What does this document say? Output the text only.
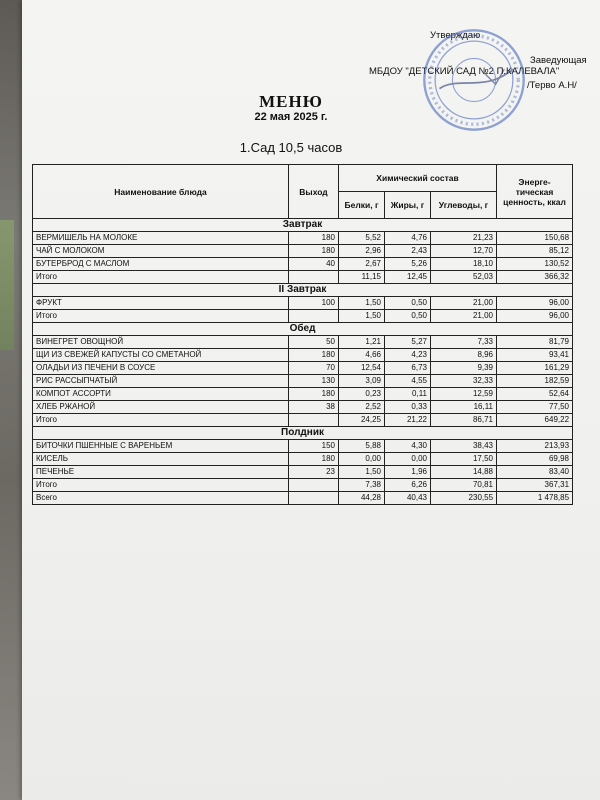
Утверждаю
Заведующая
МБДОУ "ДЕТСКИЙ САД №2 П.КАЛЕВАЛА"
/Терво А.Н/
МЕНЮ
22 мая 2025 г.
1.Сад 10,5 часов
Наименование блюда	Выход	Химический состав			Энерге-тическая ценность, ккал
		Белки, г	Жиры, г	Углеводы, г	
Завтрак					
ВЕРМИШЕЛЬ НА МОЛОКЕ	180	5,52	4,76	21,23	150,68
ЧАЙ С МОЛОКОМ	180	2,96	2,43	12,70	85,12
БУТЕРБРОД С МАСЛОМ	40	2,67	5,26	18,10	130,52
Итого		11,15	12,45	52,03	366,32
II Завтрак					
ФРУКТ	100	1,50	0,50	21,00	96,00
Итого		1,50	0,50	21,00	96,00
Обед					
ВИНЕГРЕТ ОВОЩНОЙ	50	1,21	5,27	7,33	81,79
ЩИ ИЗ СВЕЖЕЙ КАПУСТЫ СО СМЕТАНОЙ	180	4,66	4,23	8,96	93,41
ОЛАДЬИ ИЗ ПЕЧЕНИ В СОУСЕ	70	12,54	6,73	9,39	161,29
РИС РАССЫПЧАТЫЙ	130	3,09	4,55	32,33	182,59
КОМПОТ АССОРТИ	180	0,23	0,11	12,59	52,64
ХЛЕБ РЖАНОЙ	38	2,52	0,33	16,11	77,50
Итого		24,25	21,22	86,71	649,22
Полдник					
БИТОЧКИ ПШЕННЫЕ С ВАРЕНЬЕМ	150	5,88	4,30	38,43	213,93
КИСЕЛЬ	180	0,00	0,00	17,50	69,98
ПЕЧЕНЬЕ	23	1,50	1,96	14,88	83,40
Итого		7,38	6,26	70,81	367,31
Всего		44,28	40,43	230,55	1 478,85
